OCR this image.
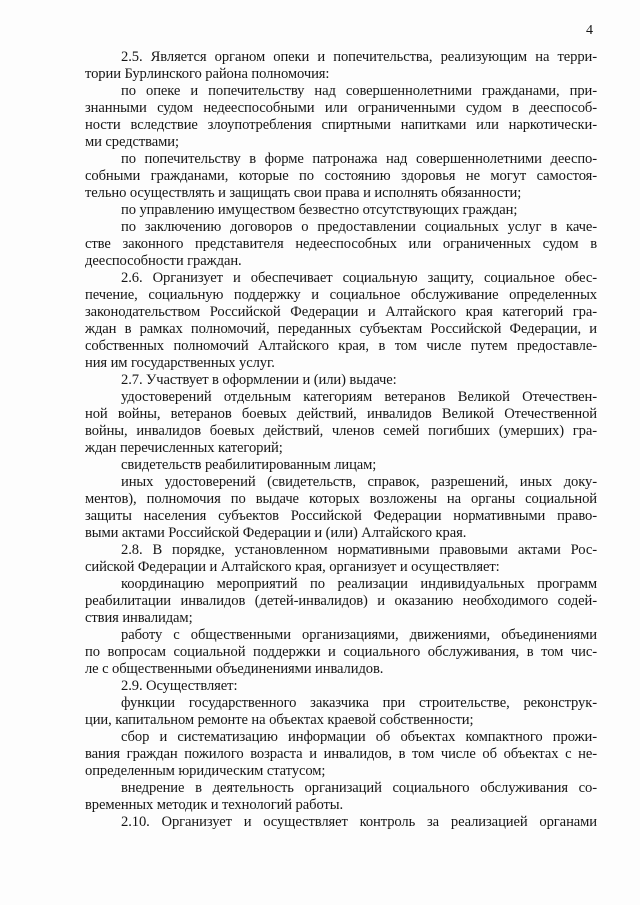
4
2.5. Является органом опеки и попечительства, реализующим на терри-
тории Бурлинского района полномочия:
по опеке и попечительству над совершеннолетними гражданами, при-
знанными судом недееспособными или ограниченными судом в дееспособ-
ности вследствие злоупотребления спиртными напитками или наркотически-
ми средствами;
по попечительству в форме патронажа над совершеннолетними дееспо-
собными гражданами, которые по состоянию здоровья не могут самостоя-
тельно осуществлять и защищать свои права и исполнять обязанности;
по управлению имуществом безвестно отсутствующих граждан;
по заключению договоров о предоставлении социальных услуг в каче-
стве законного представителя недееспособных или ограниченных судом в
дееспособности граждан.
2.6. Организует и обеспечивает социальную защиту, социальное обес-
печение, социальную поддержку и социальное обслуживание определенных
законодательством Российской Федерации и Алтайского края категорий гра-
ждан в рамках полномочий, переданных субъектам Российской Федерации, и
собственных полномочий Алтайского края, в том числе путем предоставле-
ния им государственных услуг.
2.7. Участвует в оформлении и (или) выдаче:
удостоверений отдельным категориям ветеранов Великой Отечествен-
ной войны, ветеранов боевых действий, инвалидов Великой Отечественной
войны, инвалидов боевых действий, членов семей погибших (умерших) гра-
ждан перечисленных категорий;
свидетельств реабилитированным лицам;
иных удостоверений (свидетельств, справок, разрешений, иных доку-
ментов), полномочия по выдаче которых возложены на органы социальной
защиты населения субъектов Российской Федерации нормативными право-
выми актами Российской Федерации и (или) Алтайского края.
2.8. В порядке, установленном нормативными правовыми актами Рос-
сийской Федерации и Алтайского края, организует и осуществляет:
координацию мероприятий по реализации индивидуальных программ
реабилитации инвалидов (детей-инвалидов) и оказанию необходимого содей-
ствия инвалидам;
работу с общественными организациями, движениями, объединениями
по вопросам социальной поддержки и социального обслуживания, в том чис-
ле с общественными объединениями инвалидов.
2.9. Осуществляет:
функции государственного заказчика при строительстве, реконструк-
ции, капитальном ремонте на объектах краевой собственности;
сбор и систематизацию информации об объектах компактного прожи-
вания граждан пожилого возраста и инвалидов, в том числе об объектах с не-
определенным юридическим статусом;
внедрение в деятельность организаций социального обслуживания со-
временных методик и технологий работы.
2.10. Организует и осуществляет контроль за реализацией органами
